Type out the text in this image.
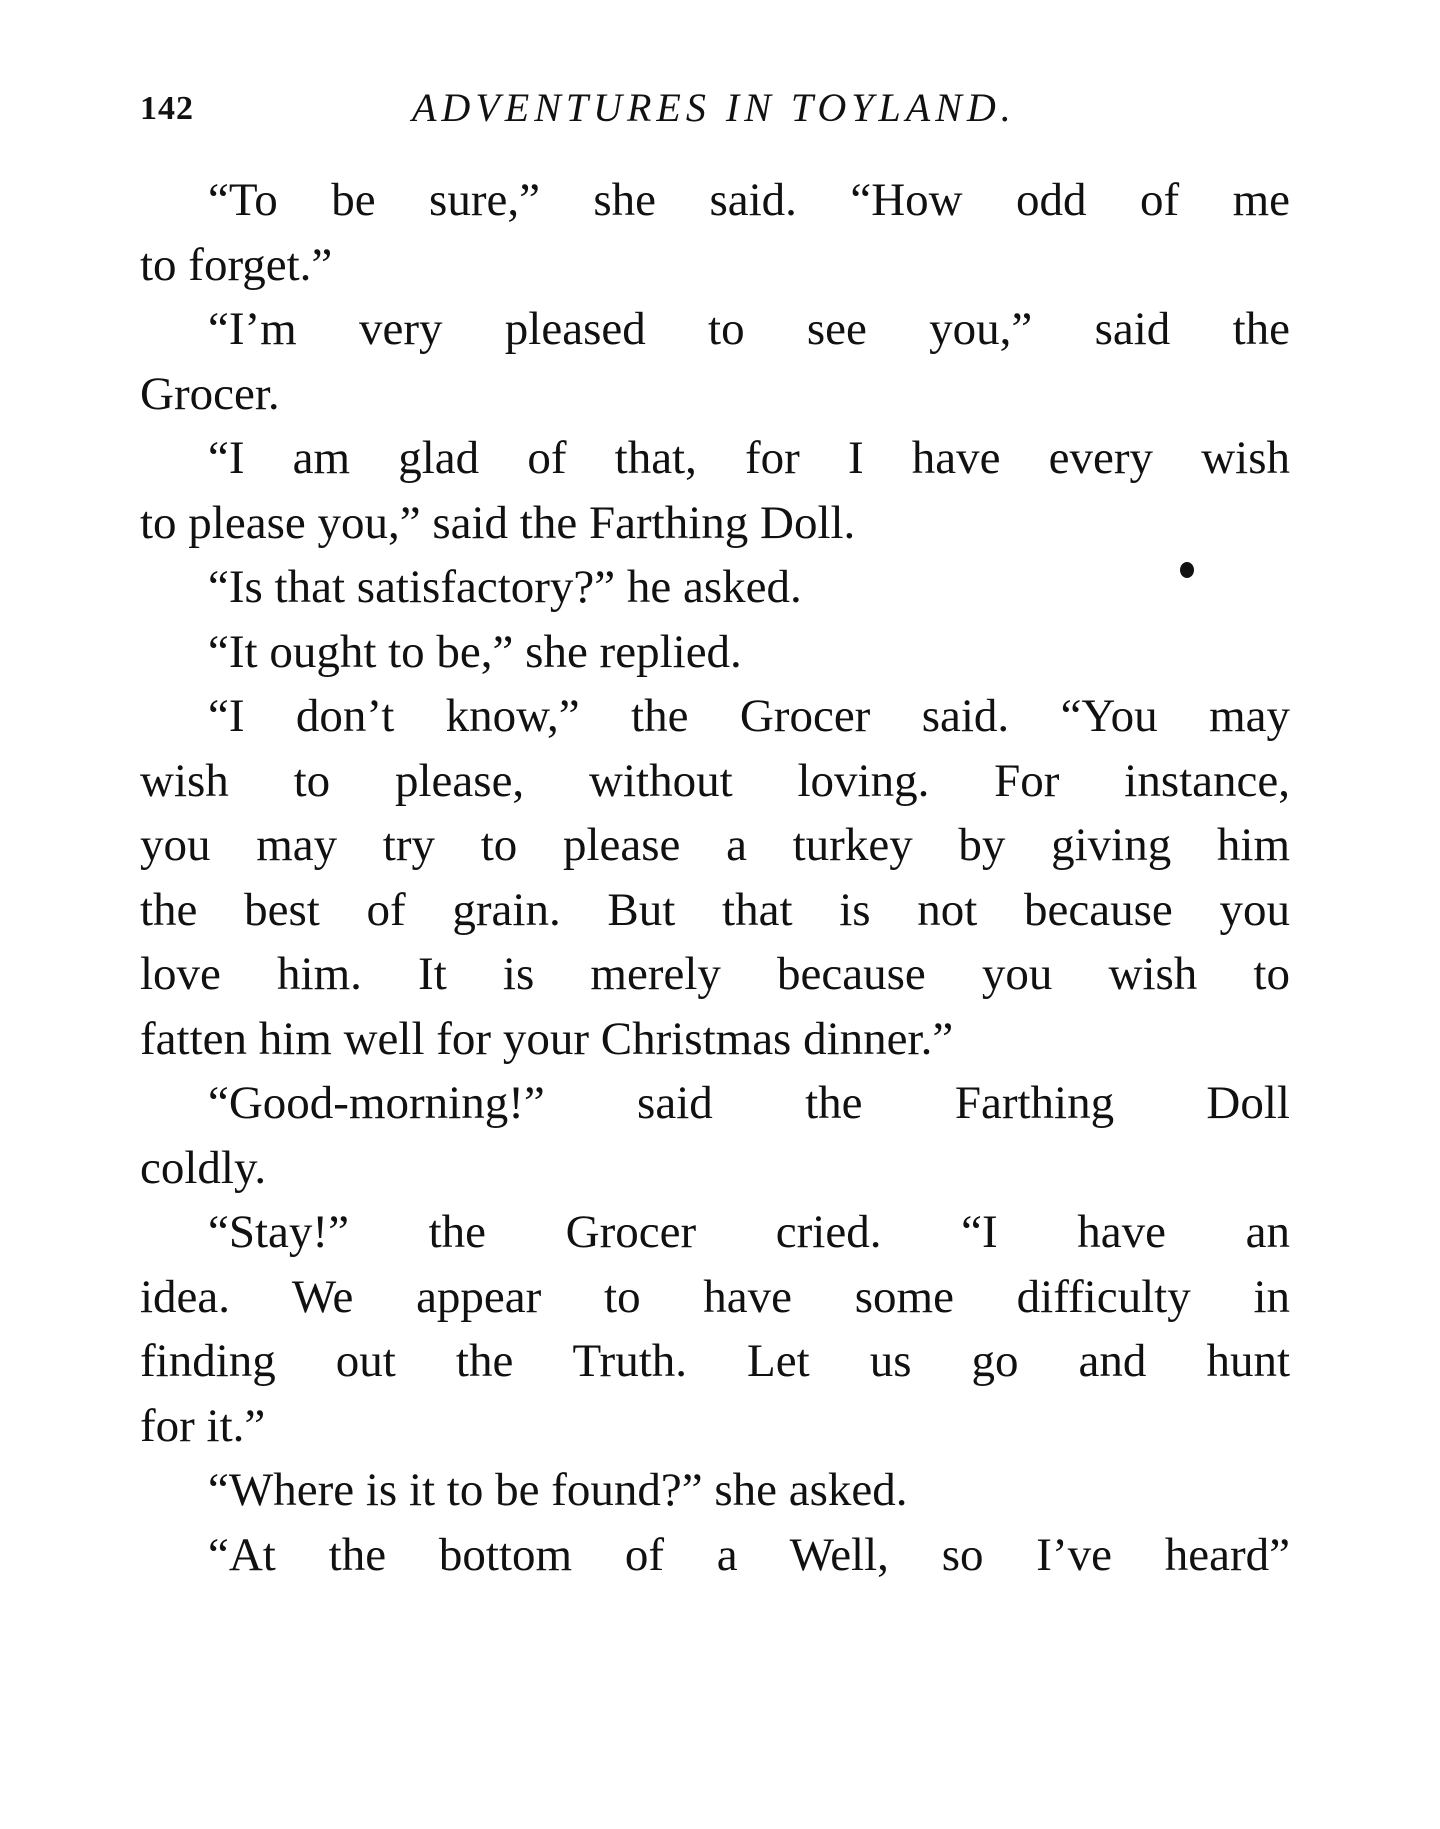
142	ADVENTURES IN TOYLAND.
“To be sure,” she said. “How odd of me
to forget.”
“I’m very pleased to see you,” said the
Grocer.
“I am glad of that, for I have every wish
to please you,” said the Farthing Doll.
“Is that satisfactory?” he asked.
“It ought to be,” she replied.
“I don’t know,” the Grocer said. “You may
wish to please, without loving. For instance,
you may try to please a turkey by giving him
the best of grain. But that is not because you
love him. It is merely because you wish to
fatten him well for your Christmas dinner.”
“Good-morning!” said the Farthing Doll
coldly.
“Stay!” the Grocer cried. “I have an
idea. We appear to have some difficulty in
finding out the Truth. Let us go and hunt
for it.”
“Where is it to be found?” she asked.
“At the bottom of a Well, so I’ve heard”
